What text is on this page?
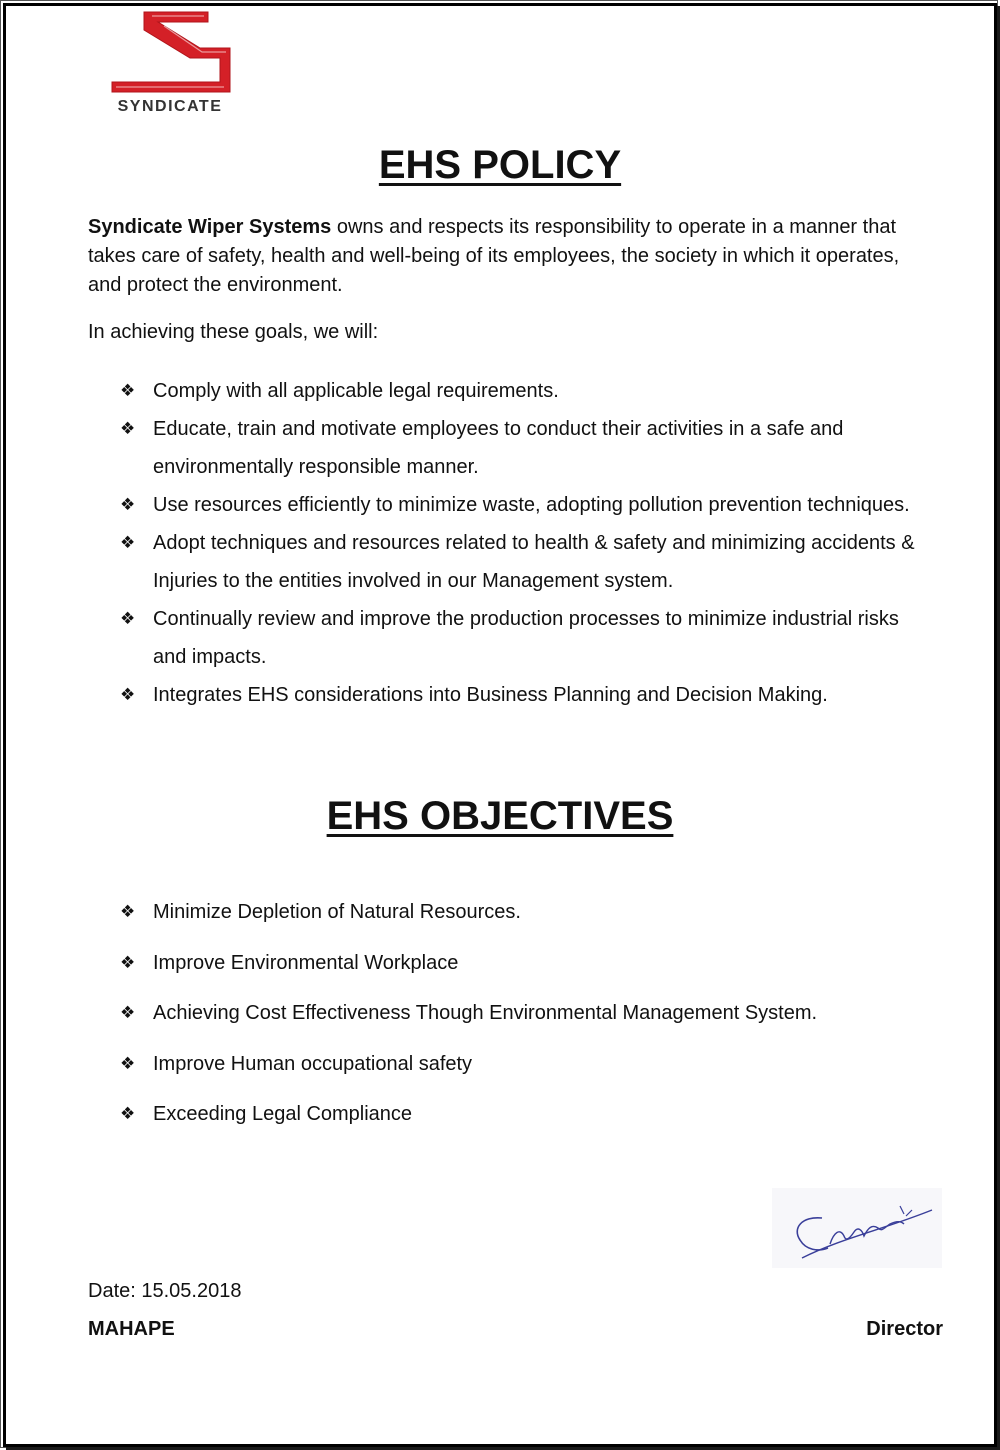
SYNDICATE
EHS POLICY
Syndicate Wiper Systems owns and respects its responsibility to operate in a manner that takes care of safety, health and well-being of its employees, the society in which it operates, and protect the environment.
In achieving these goals, we will:
❖ Comply with all applicable legal requirements.
❖ Educate, train and motivate employees to conduct their activities in a safe and environmentally responsible manner.
❖ Use resources efficiently to minimize waste, adopting pollution prevention techniques.
❖ Adopt techniques and resources related to health & safety and minimizing accidents & Injuries to the entities involved in our Management system.
❖ Continually review and improve the production processes to minimize industrial risks and impacts.
❖ Integrates EHS considerations into Business Planning and Decision Making.
EHS OBJECTIVES
❖ Minimize Depletion of Natural Resources.
❖ Improve Environmental Workplace
❖ Achieving Cost Effectiveness Though Environmental Management System.
❖ Improve Human occupational safety
❖ Exceeding Legal Compliance
Date: 15.05.2018
MAHAPE	Director
